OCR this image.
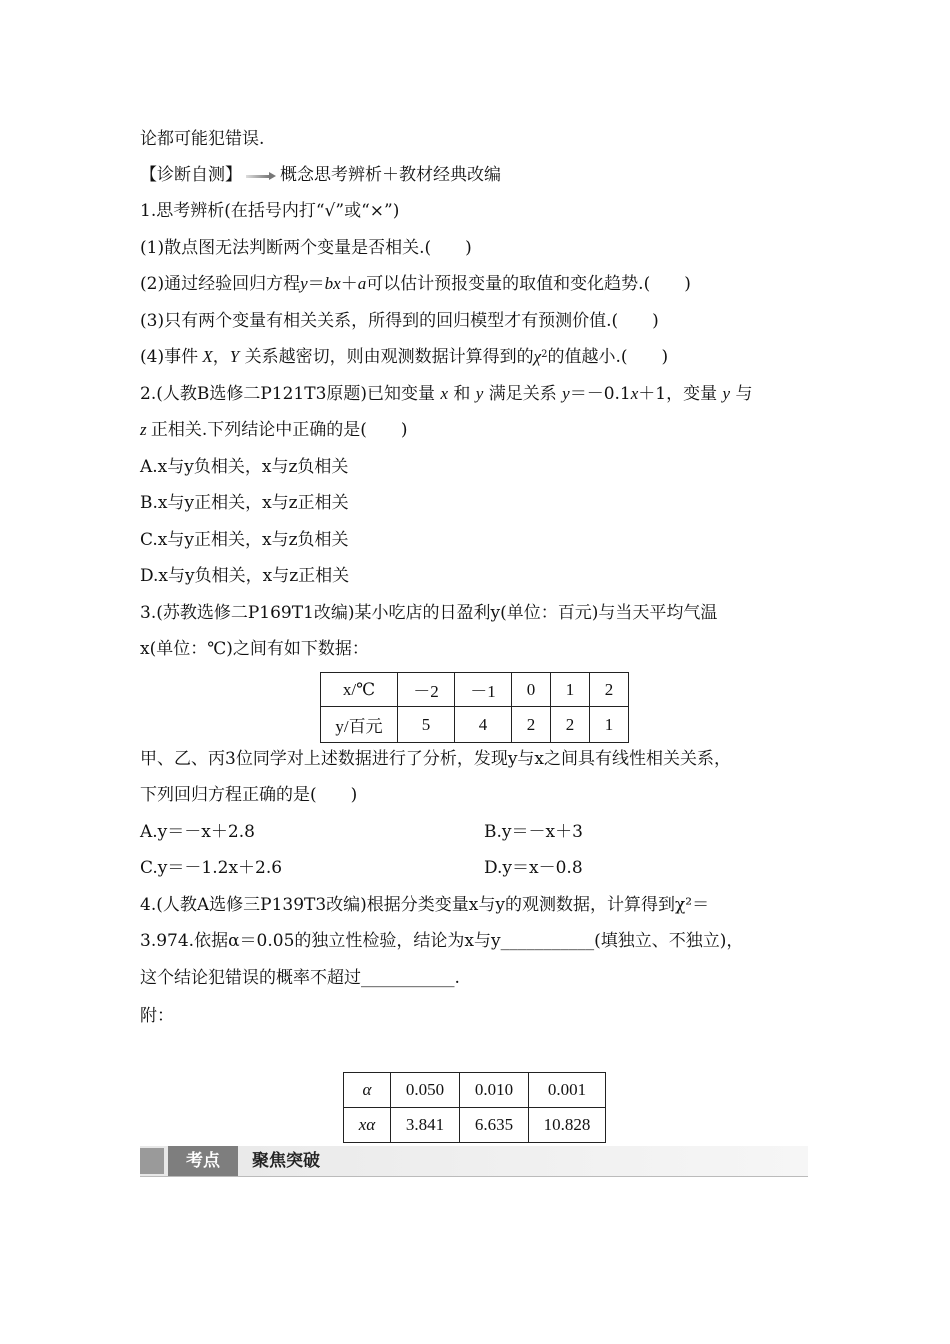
论都可能犯错误.
【诊断自测】 概念思考辨析＋教材经典改编
1.思考辨析(在括号内打“√”或“×”)
(1)散点图无法判断两个变量是否相关.(　　)
(2)通过经验回归方程y＝bx＋a可以估计预报变量的取值和变化趋势.(　　)
(3)只有两个变量有相关关系，所得到的回归模型才有预测价值.(　　)
(4)事件 X，Y 关系越密切，则由观测数据计算得到的$\chi^2$的值越小.(　　)
2.(人教B选修二P121T3原题)已知变量 x 和 y 满足关系 y＝－0.1x＋1，变量 y 与
z 正相关.下列结论中正确的是(　　)
A.x与y负相关，x与z负相关
B.x与y正相关，x与z正相关
C.x与y正相关，x与z负相关
D.x与y负相关，x与z正相关
3.(苏教选修二P169T1改编)某小吃店的日盈利y(单位：百元)与当天平均气温
x(单位：℃)之间有如下数据：
x/℃	－2	－1	0	1	2
y/百元	5	4	2	2	1
甲、乙、丙3位同学对上述数据进行了分析，发现y与x之间具有线性相关关系，
下列回归方程正确的是(　　)
A.y＝－x＋2.8	B.y＝－x＋3
C.y＝－1.2x＋2.6	D.y＝x－0.8
4.(人教A选修三P139T3改编)根据分类变量x与y的观测数据，计算得到χ²＝
3.974.依据α＝0.05的独立性检验，结论为x与y___________(填独立、不独立)，
这个结论犯错误的概率不超过___________.
附：
α	0.050	0.010	0.001
xα	3.841	6.635	10.828
考点	聚焦突破
